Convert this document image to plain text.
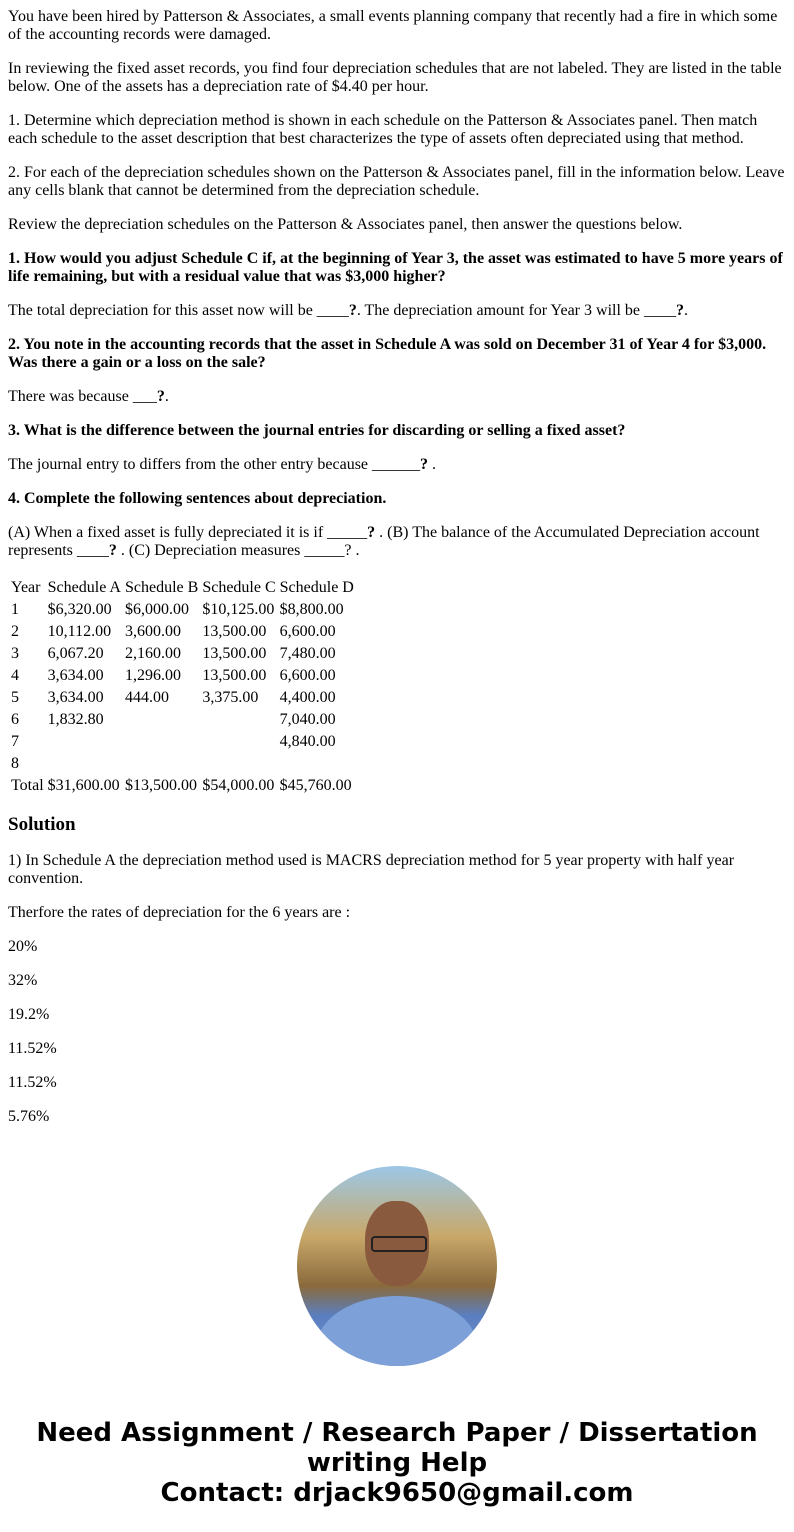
You have been hired by Patterson & Associates, a small events planning company that recently had a fire in which some of the accounting records were damaged.

In reviewing the fixed asset records, you find four depreciation schedules that are not labeled. They are listed in the table below. One of the assets has a depreciation rate of $4.40 per hour.

1. Determine which depreciation method is shown in each schedule on the Patterson & Associates panel. Then match each schedule to the asset description that best characterizes the type of assets often depreciated using that method.

2. For each of the depreciation schedules shown on the Patterson & Associates panel, fill in the information below. Leave any cells blank that cannot be determined from the depreciation schedule.

Review the depreciation schedules on the Patterson & Associates panel, then answer the questions below.

1. How would you adjust Schedule C if, at the beginning of Year 3, the asset was estimated to have 5 more years of life remaining, but with a residual value that was $3,000 higher?

The total depreciation for this asset now will be ____?. The depreciation amount for Year 3 will be ____?.

2. You note in the accounting records that the asset in Schedule A was sold on December 31 of Year 4 for $3,000. Was there a gain or a loss on the sale?

There was because ___?.

3. What is the difference between the journal entries for discarding or selling a fixed asset?

The journal entry to differs from the other entry because ______? .

4. Complete the following sentences about depreciation.

(A) When a fixed asset is fully depreciated it is if _____? . (B) The balance of the Accumulated Depreciation account represents ____? . (C) Depreciation measures _____? .

Year	Schedule A	Schedule B	Schedule C	Schedule D
1	$6,320.00	$6,000.00	$10,125.00	$8,800.00
2	10,112.00	3,600.00	13,500.00	6,600.00
3	6,067.20	2,160.00	13,500.00	7,480.00
4	3,634.00	1,296.00	13,500.00	6,600.00
5	3,634.00	444.00	3,375.00	4,400.00
6	1,832.80			7,040.00
7				4,840.00
8				
Total	$31,600.00	$13,500.00	$54,000.00	$45,760.00
Solution

1) In Schedule A the depreciation method used is MACRS depreciation method for 5 year property with half year convention.

Therfore the rates of depreciation for the 6 years are :

20%

32%

19.2%

11.52%

11.52%

5.76%

Need Assignment / Research Paper / Dissertation writing Help
Contact: drjack9650@gmail.com
